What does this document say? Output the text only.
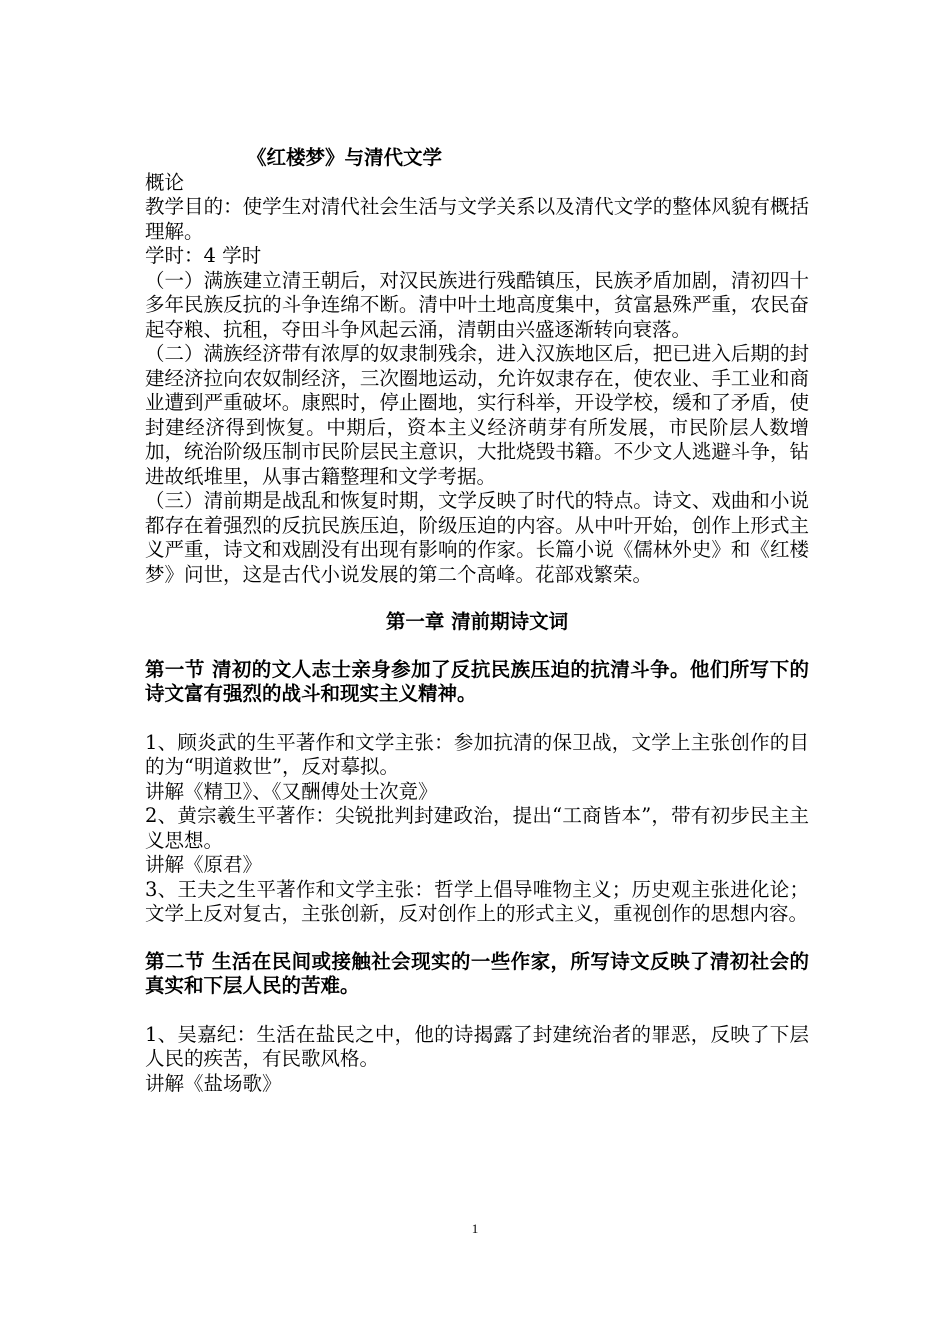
《红楼梦》与清代文学

概论

教学目的：使学生对清代社会生活与文学关系以及清代文学的整体风貌有概括理解。

学时：4 学时

（一）满族建立清王朝后，对汉民族进行残酷镇压，民族矛盾加剧，清初四十多年民族反抗的斗争连绵不断。清中叶土地高度集中，贫富悬殊严重，农民奋起夺粮、抗租，夺田斗争风起云涌，清朝由兴盛逐渐转向衰落。

（二）满族经济带有浓厚的奴隶制残余，进入汉族地区后，把已进入后期的封建经济拉向农奴制经济，三次圈地运动，允许奴隶存在，使农业、手工业和商业遭到严重破坏。康熙时，停止圈地，实行科举，开设学校，缓和了矛盾，使封建经济得到恢复。中期后，资本主义经济萌芽有所发展，市民阶层人数增加，统治阶级压制市民阶层民主意识，大批烧毁书籍。不少文人逃避斗争，钻进故纸堆里，从事古籍整理和文学考据。

（三）清前期是战乱和恢复时期，文学反映了时代的特点。诗文、戏曲和小说都存在着强烈的反抗民族压迫，阶级压迫的内容。从中叶开始，创作上形式主义严重，诗文和戏剧没有出现有影响的作家。长篇小说《儒林外史》和《红楼梦》问世，这是古代小说发展的第二个高峰。花部戏繁荣。

第一章 清前期诗文词

第一节 清初的文人志士亲身参加了反抗民族压迫的抗清斗争。他们所写下的诗文富有强烈的战斗和现实主义精神。

1、顾炎武的生平著作和文学主张：参加抗清的保卫战，文学上主张创作的目的为“明道救世”，反对摹拟。

讲解《精卫》、《又酬傅处士次竟》

2、黄宗羲生平著作：尖锐批判封建政治，提出“工商皆本”，带有初步民主主义思想。

讲解《原君》

3、王夫之生平著作和文学主张：哲学上倡导唯物主义；历史观主张进化论；文学上反对复古，主张创新，反对创作上的形式主义，重视创作的思想内容。

第二节 生活在民间或接触社会现实的一些作家，所写诗文反映了清初社会的真实和下层人民的苦难。

1、吴嘉纪：生活在盐民之中，他的诗揭露了封建统治者的罪恶，反映了下层人民的疾苦，有民歌风格。

讲解《盐场歌》

1
